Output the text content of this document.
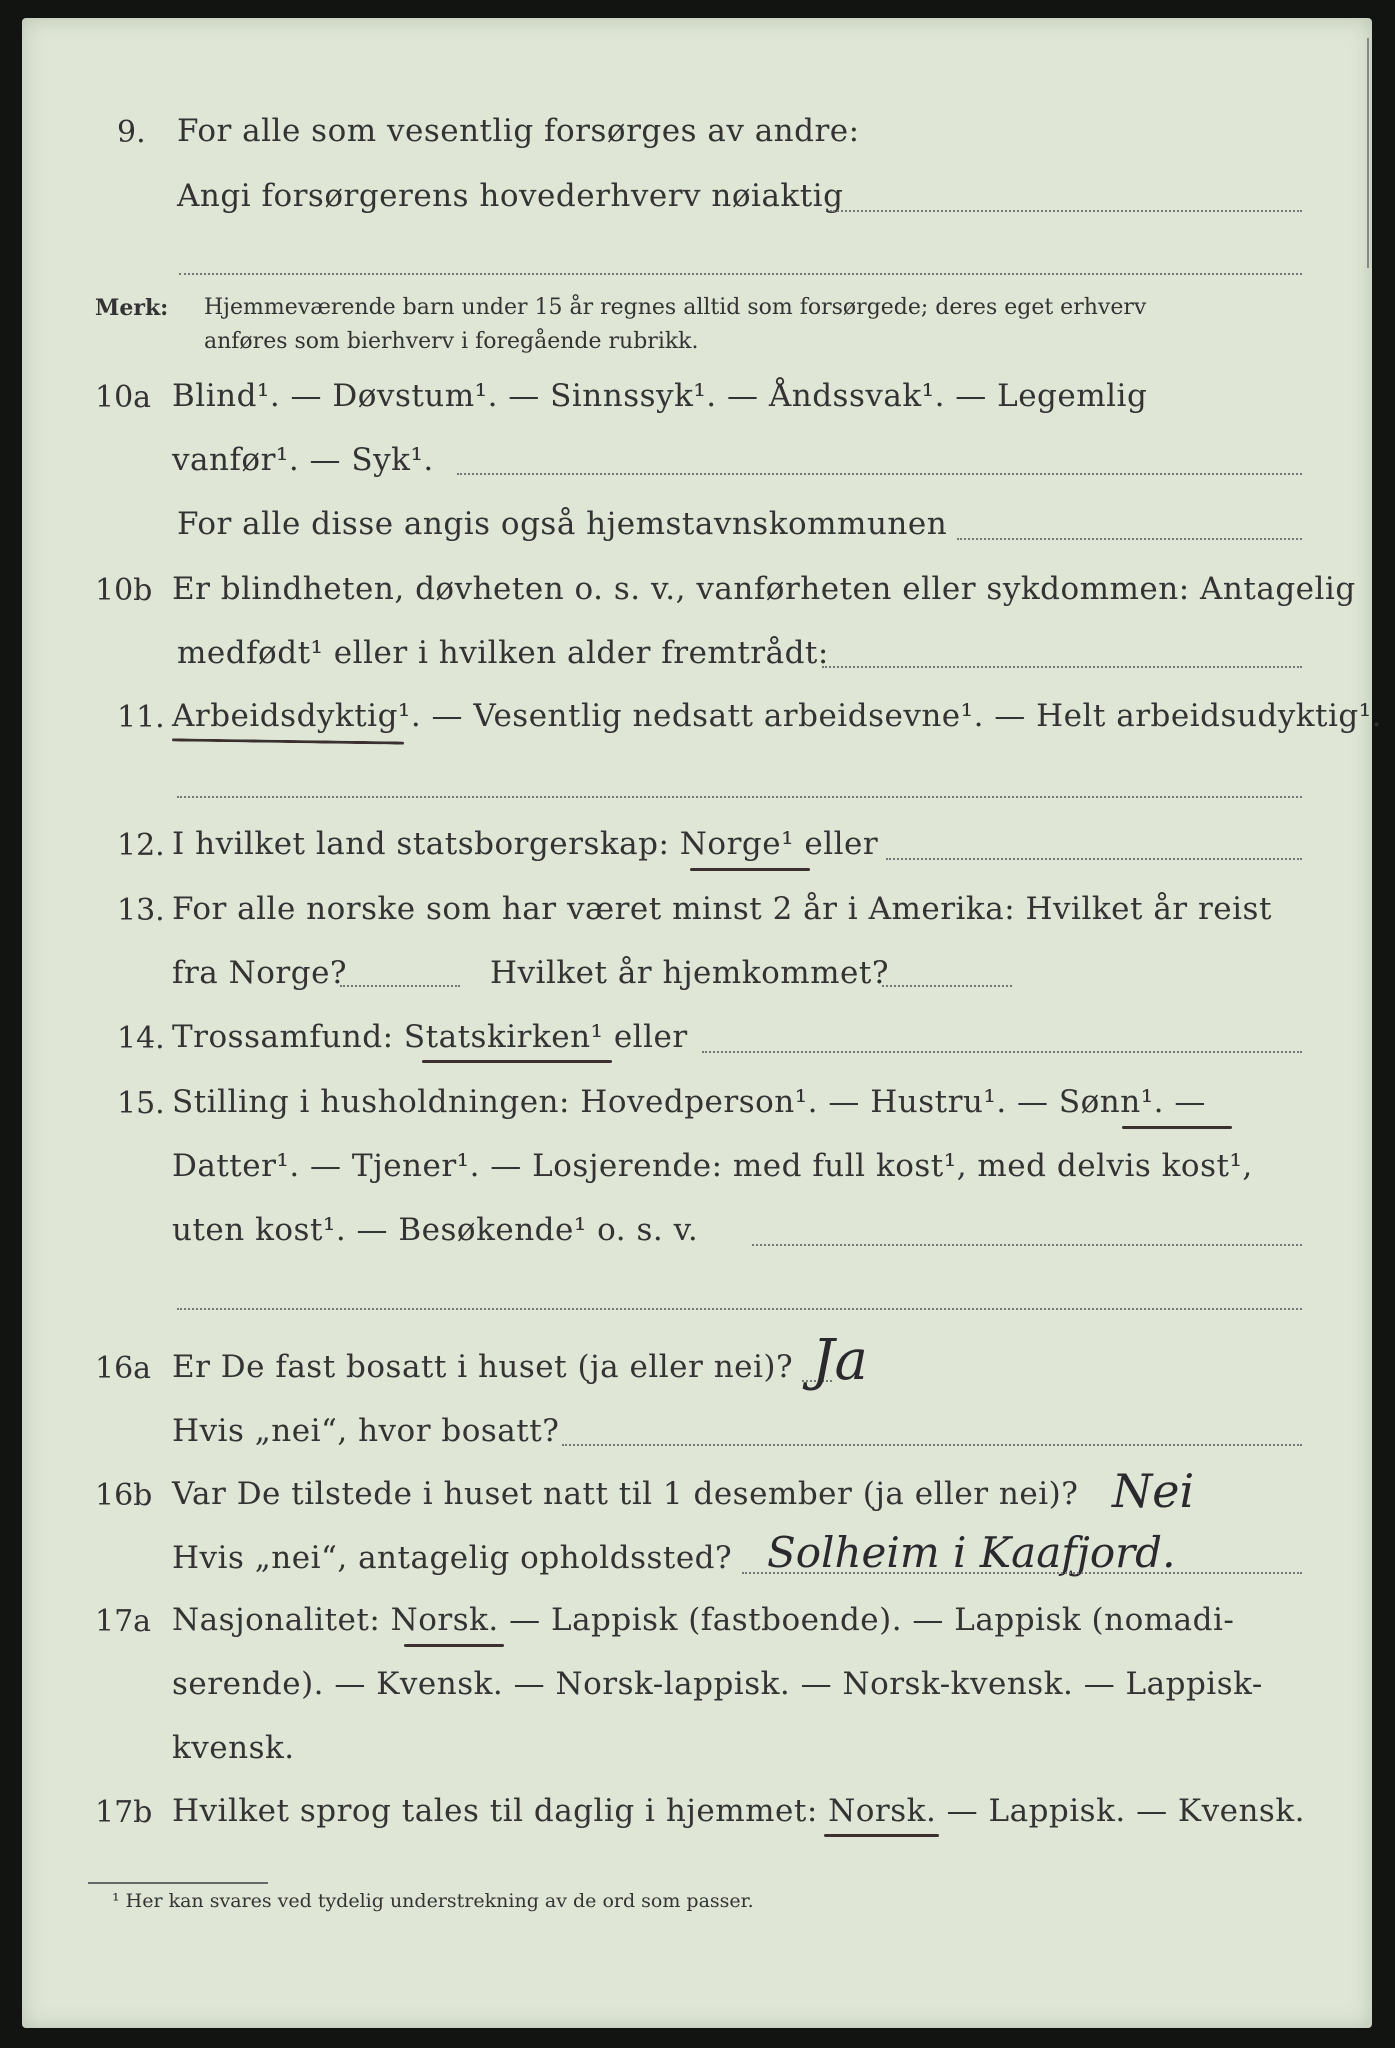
9. For alle som vesentlig forsørges av andre:
Angi forsørgerens hovederhverv nøiaktig
Merk: Hjemmeværende barn under 15 år regnes alltid som forsørgede; deres eget erhverv
anføres som bierhverv i foregående rubrikk.
10a Blind¹. — Døvstum¹. — Sinnssyk¹. — Åndssvak¹. — Legemlig
vanfør¹. — Syk¹.
For alle disse angis også hjemstavnskommunen
10b Er blindheten, døvheten o. s. v., vanførheten eller sykdommen: Antagelig
medfødt¹ eller i hvilken alder fremtrådt:
11. Arbeidsdyktig¹. — Vesentlig nedsatt arbeidsevne¹. — Helt arbeidsudyktig¹.
12. I hvilket land statsborgerskap: Norge¹ eller
13. For alle norske som har været minst 2 år i Amerika: Hvilket år reist
fra Norge?	Hvilket år hjemkommet?
14. Trossamfund: Statskirken¹ eller
15. Stilling i husholdningen: Hovedperson¹. — Hustru¹. — Sønn¹. —
Datter¹. — Tjener¹. — Losjerende: med full kost¹, med delvis kost¹,
uten kost¹. — Besøkende¹ o. s. v.
16a Er De fast bosatt i huset (ja eller nei)? Ja
Hvis „nei“, hvor bosatt?
16b Var De tilstede i huset natt til 1 desember (ja eller nei)? Nei
Hvis „nei“, antagelig opholdssted? Solheim i Kaafjord.
17a Nasjonalitet: Norsk. — Lappisk (fastboende). — Lappisk (nomadi-
serende). — Kvensk. — Norsk-lappisk. — Norsk-kvensk. — Lappisk-
kvensk.
17b Hvilket sprog tales til daglig i hjemmet: Norsk. — Lappisk. — Kvensk.
¹ Her kan svares ved tydelig understrekning av de ord som passer.
